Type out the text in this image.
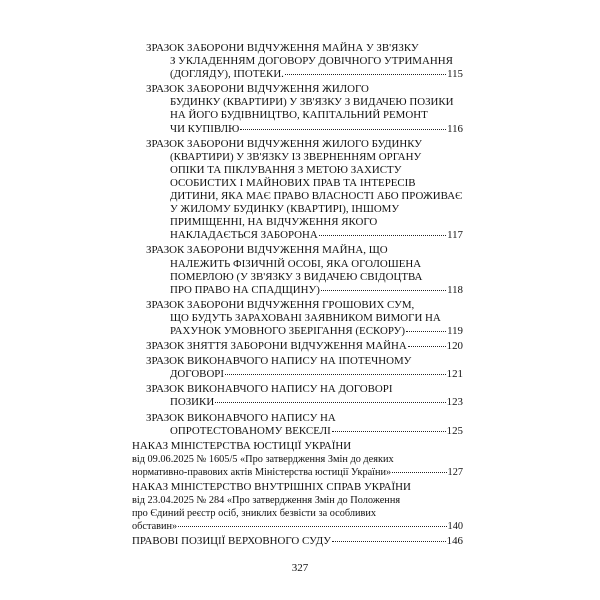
ЗРАЗОК ЗАБОРОНИ ВІДЧУЖЕННЯ МАЙНА У ЗВ'ЯЗКУ
З УКЛАДЕННЯМ ДОГОВОРУ ДОВІЧНОГО УТРИМАННЯ
(ДОГЛЯДУ), ІПОТЕКИ.	115
ЗРАЗОК ЗАБОРОНИ ВІДЧУЖЕННЯ ЖИЛОГО
БУДИНКУ (КВАРТИРИ) У ЗВ'ЯЗКУ З ВИДАЧЕЮ ПОЗИКИ
НА ЙОГО БУДІВНИЦТВО, КАПІТАЛЬНИЙ РЕМОНТ
ЧИ КУПІВЛЮ	116
ЗРАЗОК ЗАБОРОНИ ВІДЧУЖЕННЯ ЖИЛОГО БУДИНКУ
(КВАРТИРИ) У ЗВ'ЯЗКУ ІЗ ЗВЕРНЕННЯМ ОРГАНУ
ОПІКИ ТА ПІКЛУВАННЯ З МЕТОЮ ЗАХИСТУ
ОСОБИСТИХ І МАЙНОВИХ ПРАВ ТА ІНТЕРЕСІВ
ДИТИНИ, ЯКА МАЄ ПРАВО ВЛАСНОСТІ АБО ПРОЖИВАЄ
У ЖИЛОМУ БУДИНКУ (КВАРТИРІ), ІНШОМУ
ПРИМІЩЕННІ, НА ВІДЧУЖЕННЯ ЯКОГО
НАКЛАДАЄТЬСЯ ЗАБОРОНА	117
ЗРАЗОК ЗАБОРОНИ ВІДЧУЖЕННЯ МАЙНА, ЩО
НАЛЕЖИТЬ ФІЗИЧНІЙ ОСОБІ, ЯКА ОГОЛОШЕНА
ПОМЕРЛОЮ (У ЗВ'ЯЗКУ З ВИДАЧЕЮ СВІДОЦТВА
ПРО ПРАВО НА СПАДЩИНУ)	118
ЗРАЗОК ЗАБОРОНИ ВІДЧУЖЕННЯ ГРОШОВИХ СУМ,
ЩО БУДУТЬ ЗАРАХОВАНІ ЗАЯВНИКОМ ВИМОГИ НА
РАХУНОК УМОВНОГО ЗБЕРІГАННЯ (ЕСКОРУ)	119
ЗРАЗОК ЗНЯТТЯ ЗАБОРОНИ ВІДЧУЖЕННЯ МАЙНА	120
ЗРАЗОК ВИКОНАВЧОГО НАПИСУ НА ІПОТЕЧНОМУ
ДОГОВОРІ	121
ЗРАЗОК ВИКОНАВЧОГО НАПИСУ НА ДОГОВОРІ
ПОЗИКИ	123
ЗРАЗОК ВИКОНАВЧОГО НАПИСУ НА
ОПРОТЕСТОВАНОМУ ВЕКСЕЛІ	125
НАКАЗ МІНІСТЕРСТВА ЮСТИЦІЇ УКРАЇНИ
від 09.06.2025 № 1605/5 «Про затвердження Змін до деяких
нормативно-правових актів Міністерства юстиції України»	127
НАКАЗ МІНІСТЕРСТВО ВНУТРІШНІХ СПРАВ УКРАЇНИ
від 23.04.2025 № 284 «Про затвердження Змін до Положення
про Єдиний реєстр осіб, зниклих безвісти за особливих
обставин»	140
ПРАВОВІ ПОЗИЦІЇ ВЕРХОВНОГО СУДУ	146
327
